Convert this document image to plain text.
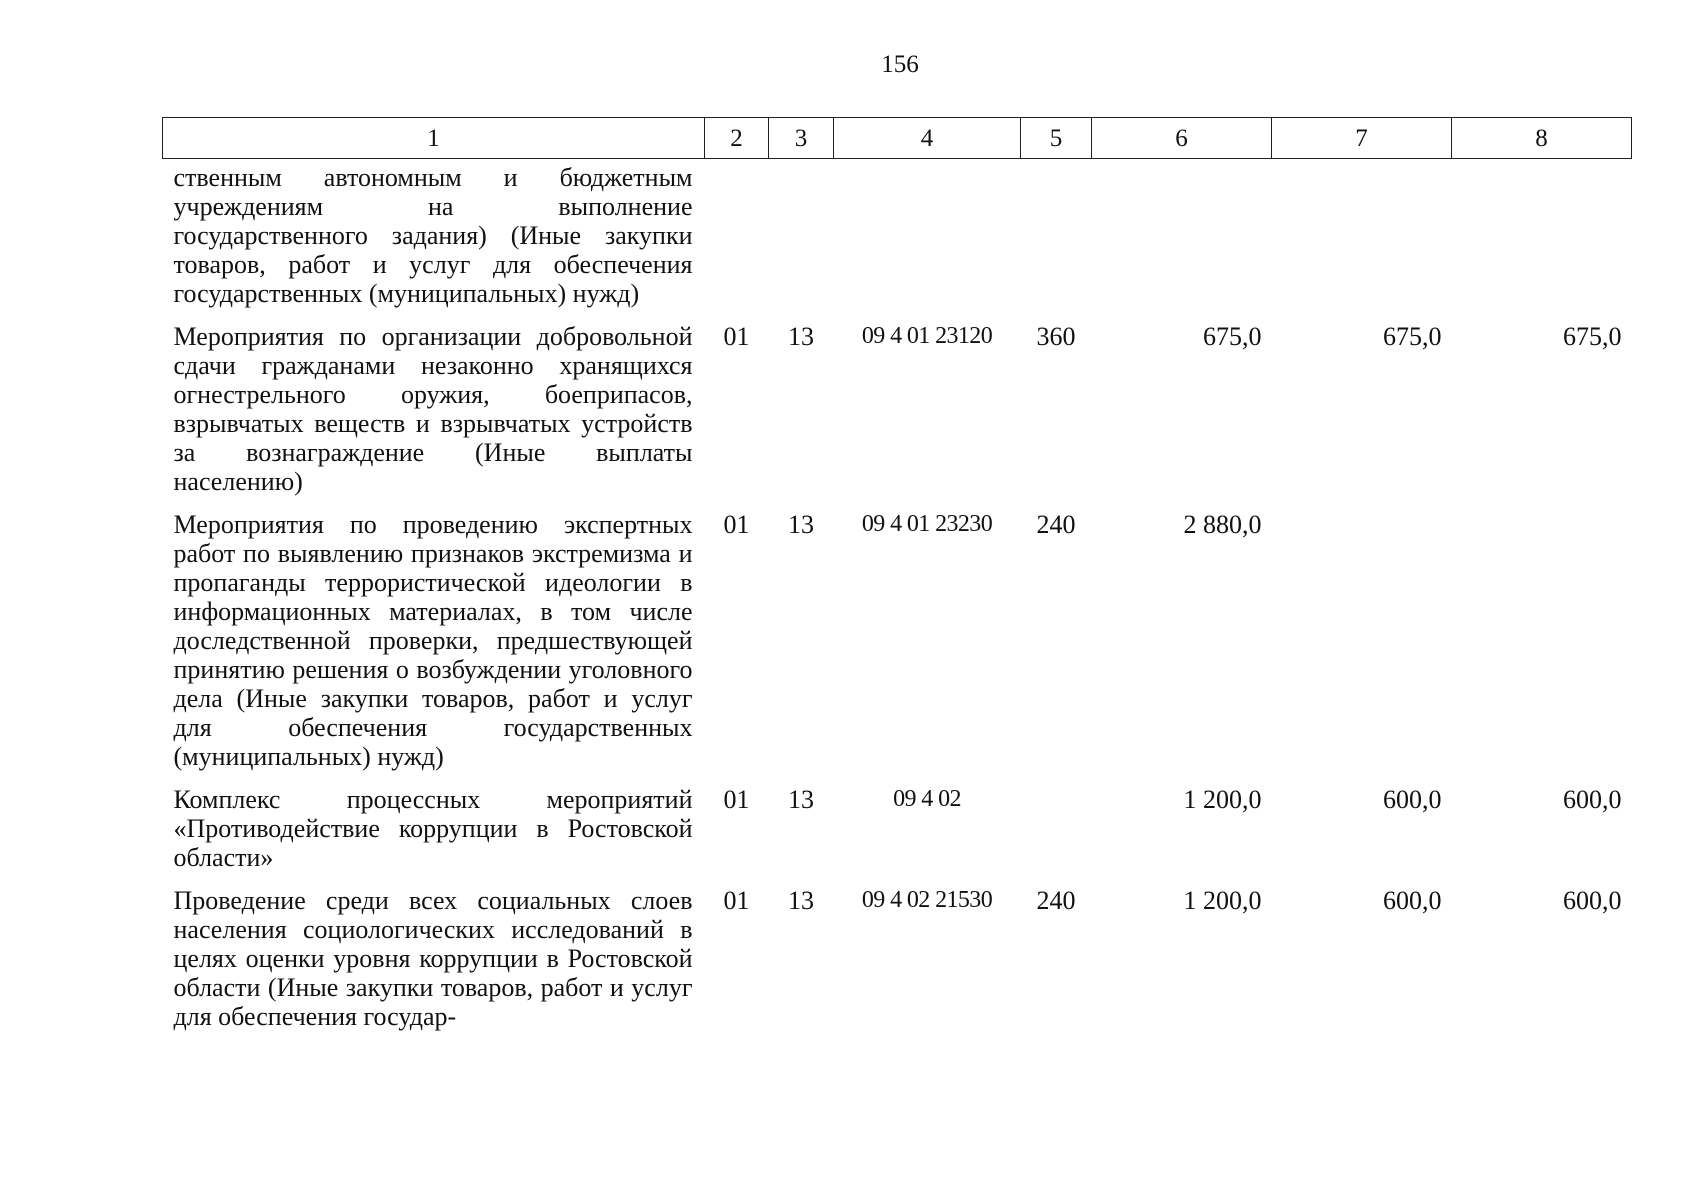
156
1	2	3	4	5	6	7	8
ственным автономным и бюджетным учреждениям на выполнение государственного задания) (Иные закупки товаров, работ и услуг для обеспечения государственных (муниципальных) нужд)							
Мероприятия по организации добровольной сдачи гражданами незаконно хранящихся огнестрельного оружия, боеприпасов, взрывчатых веществ и взрывчатых устройств за вознаграждение (Иные выплаты населению)	01	13	09 4 01 23120	360	675,0	675,0	675,0
Мероприятия по проведению экспертных работ по выявлению признаков экстремизма и пропаганды террористической идеологии в информационных материалах, в том числе доследственной проверки, предшествующей принятию решения о возбуждении уголовного дела (Иные закупки товаров, работ и услуг для обеспечения государственных (муниципальных) нужд)	01	13	09 4 01 23230	240	2 880,0		
Комплекс процессных мероприятий «Противодействие коррупции в Ростовской области»	01	13	09 4 02		1 200,0	600,0	600,0
Проведение среди всех социальных слоев населения социологических исследований в целях оценки уровня коррупции в Ростовской области (Иные закупки товаров, работ и услуг для обеспечения государ-	01	13	09 4 02 21530	240	1 200,0	600,0	600,0
